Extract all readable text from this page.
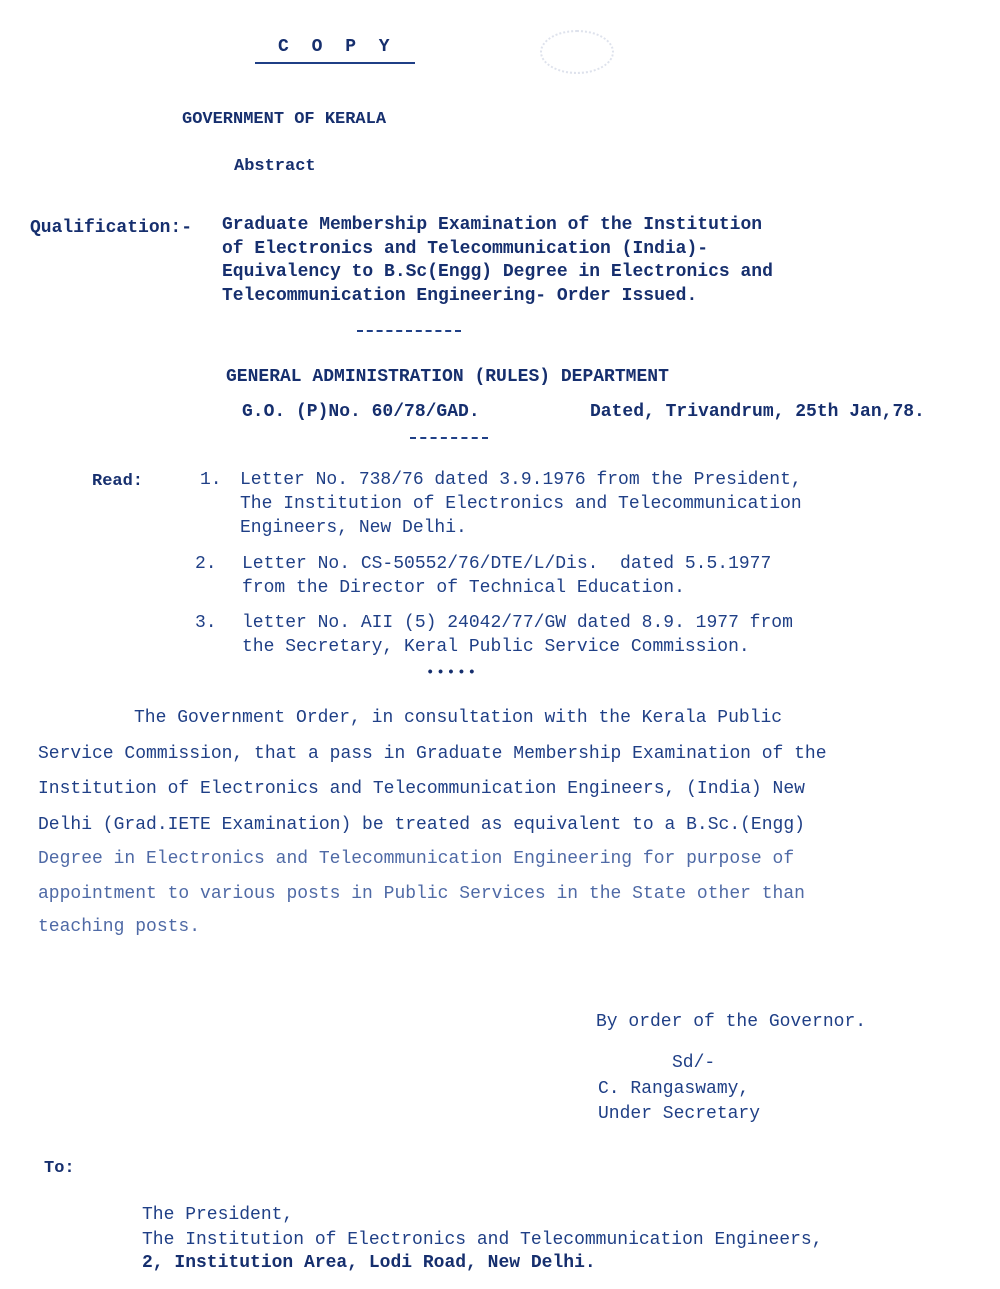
C O P Y
GOVERNMENT OF KERALA
Abstract
Qualification:- Graduate Membership Examination of the Institution
of Electronics and Telecommunication (India)-
Equivalency to B.Sc(Engg) Degree in Electronics and
Telecommunication Engineering- Order Issued.
GENERAL ADMINISTRATION (RULES) DEPARTMENT
G.O. (P)No. 60/78/GAD.	Dated, Trivandrum, 25th Jan,78.
Read:	1. Letter No. 738/76 dated 3.9.1976 from the President,
The Institution of Electronics and Telecommunication
Engineers, New Delhi.
2. Letter No. CS-50552/76/DTE/L/Dis.  dated 5.5.1977
from the Director of Technical Education.
3. letter No. AII (5) 24042/77/GW dated 8.9. 1977 from
the Secretary, Keral Public Service Commission.
•••••
The Government Order, in consultation with the Kerala Public
Service Commission, that a pass in Graduate Membership Examination of the
Institution of Electronics and Telecommunication Engineers, (India) New
Delhi (Grad.IETE Examination) be treated as equivalent to a B.Sc.(Engg)
Degree in Electronics and Telecommunication Engineering for purpose of
appointment to various posts in Public Services in the State other than
teaching posts.
By order of the Governor.
Sd/-
C. Rangaswamy,
Under Secretary
To:
The President,
The Institution of Electronics and Telecommunication Engineers,
2, Institution Area, Lodi Road, New Delhi.
